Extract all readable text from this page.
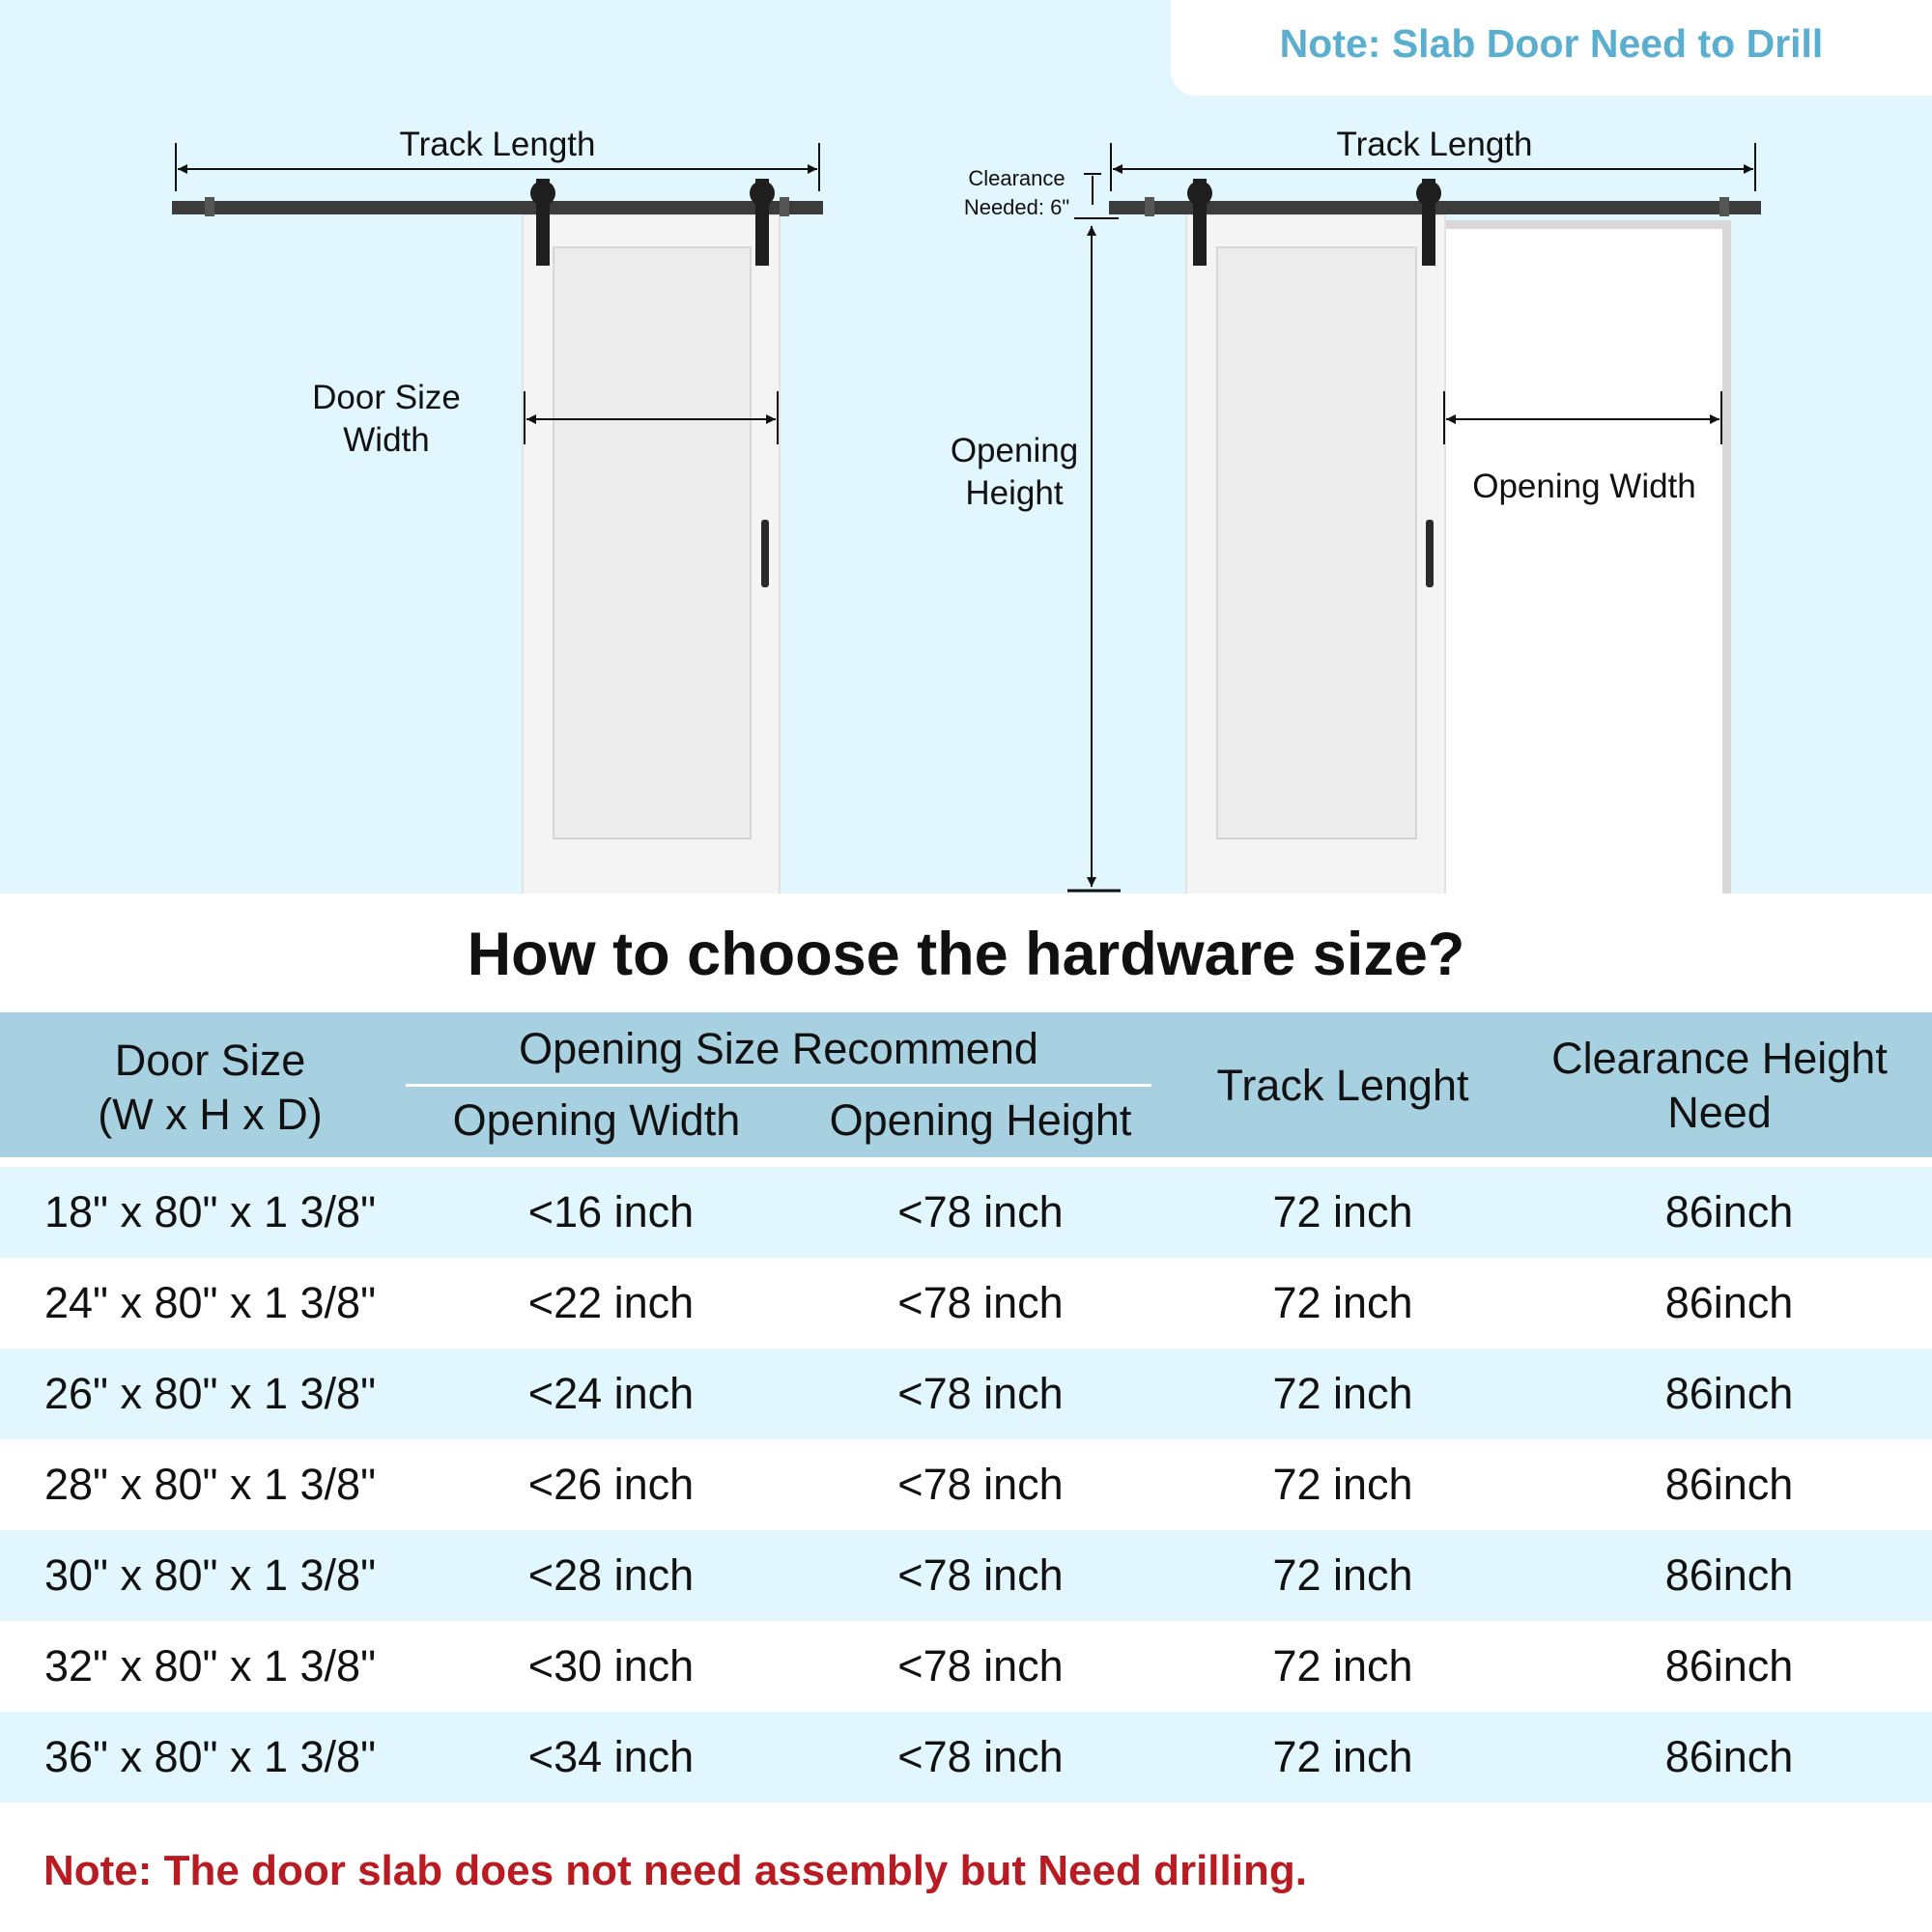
Note: Slab Door Need to Drill
Track Length
Door Size
Width
Track Length
Clearance
Needed: 6"
Opening
Height	Opening Width
How to choose the hardware size?
Door Size
(W x H x D)
Opening Size Recommend
Opening Width	Opening Height
Track Lenght
Clearance Height
Need
18" x 80" x 1 3/8"	<16 inch	<78 inch	72 inch	86inch
24" x 80" x 1 3/8"	<22 inch	<78 inch	72 inch	86inch
26" x 80" x 1 3/8"	<24 inch	<78 inch	72 inch	86inch
28" x 80" x 1 3/8"	<26 inch	<78 inch	72 inch	86inch
30" x 80" x 1 3/8"	<28 inch	<78 inch	72 inch	86inch
32" x 80" x 1 3/8"	<30 inch	<78 inch	72 inch	86inch
36" x 80" x 1 3/8"	<34 inch	<78 inch	72 inch	86inch
Note: The door slab does not need assembly but Need drilling.
